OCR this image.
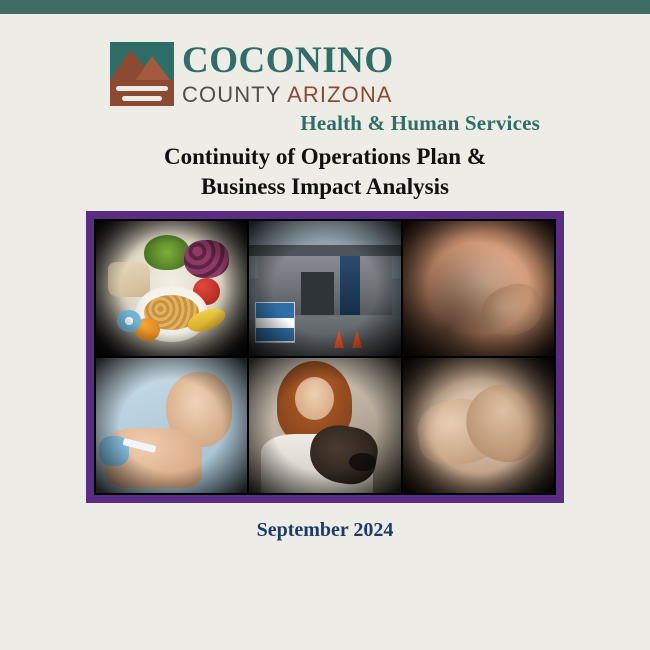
COCONINO
COUNTY ARIZONA
Health & Human Services
Continuity of Operations Plan &
Business Impact Analysis
September 2024
